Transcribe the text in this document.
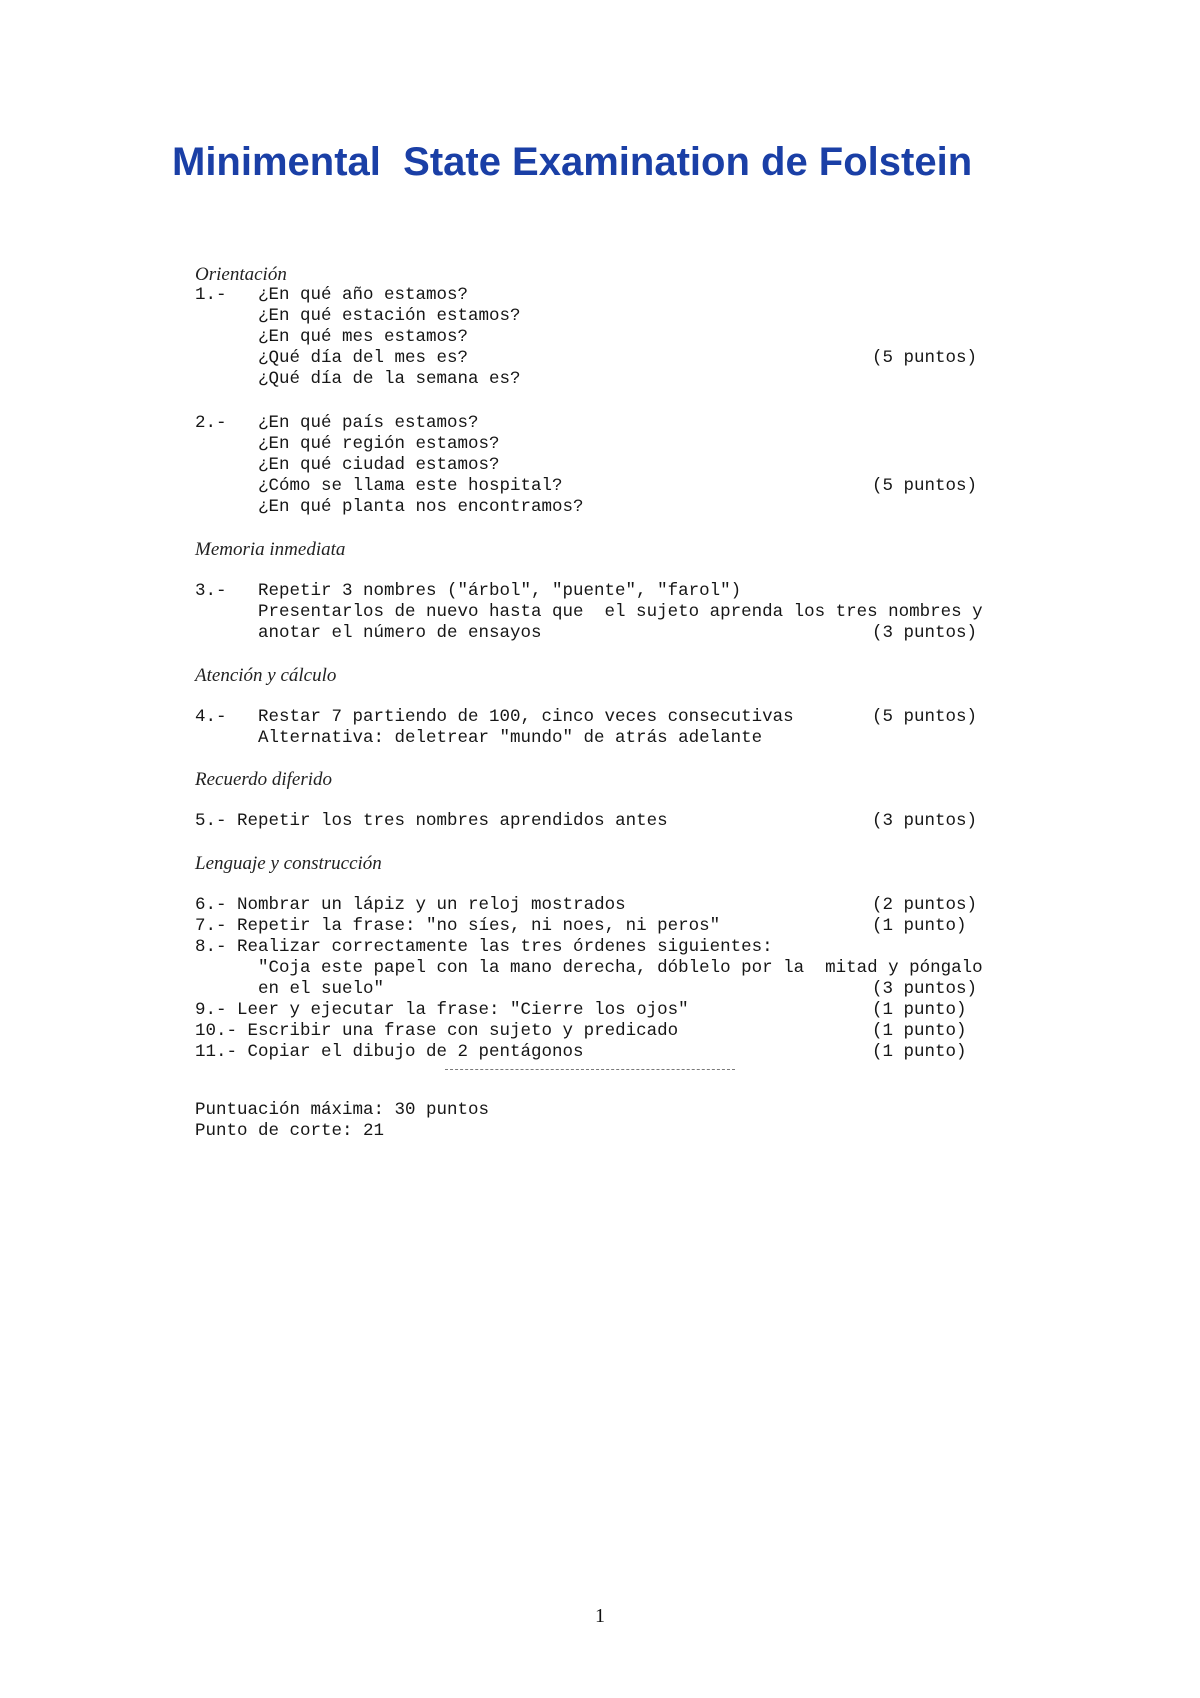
Minimental  State Examination de Folstein
Orientación
1.- ¿En qué año estamos?
¿En qué estación estamos?
¿En qué mes estamos?
¿Qué día del mes es?	(5 puntos)
¿Qué día de la semana es?
2.- ¿En qué país estamos?
¿En qué región estamos?
¿En qué ciudad estamos?
¿Cómo se llama este hospital?	(5 puntos)
¿En qué planta nos encontramos?
Memoria inmediata
3.- Repetir 3 nombres ("árbol", "puente", "farol")
Presentarlos de nuevo hasta que  el sujeto aprenda los tres nombres y
anotar el número de ensayos	(3 puntos)
Atención y cálculo
4.- Restar 7 partiendo de 100, cinco veces consecutivas	(5 puntos)
Alternativa: deletrear "mundo" de atrás adelante
Recuerdo diferido
5.- Repetir los tres nombres aprendidos antes	(3 puntos)
Lenguaje y construcción
6.- Nombrar un lápiz y un reloj mostrados	(2 puntos)
7.- Repetir la frase: "no síes, ni noes, ni peros"	(1 punto)
8.- Realizar correctamente las tres órdenes siguientes:
"Coja este papel con la mano derecha, dóblelo por la  mitad y póngalo
en el suelo"	(3 puntos)
9.- Leer y ejecutar la frase: "Cierre los ojos"	(1 punto)
10.- Escribir una frase con sujeto y predicado	(1 punto)
11.- Copiar el dibujo de 2 pentágonos	(1 punto)
Puntuación máxima: 30 puntos
Punto de corte: 21
1
